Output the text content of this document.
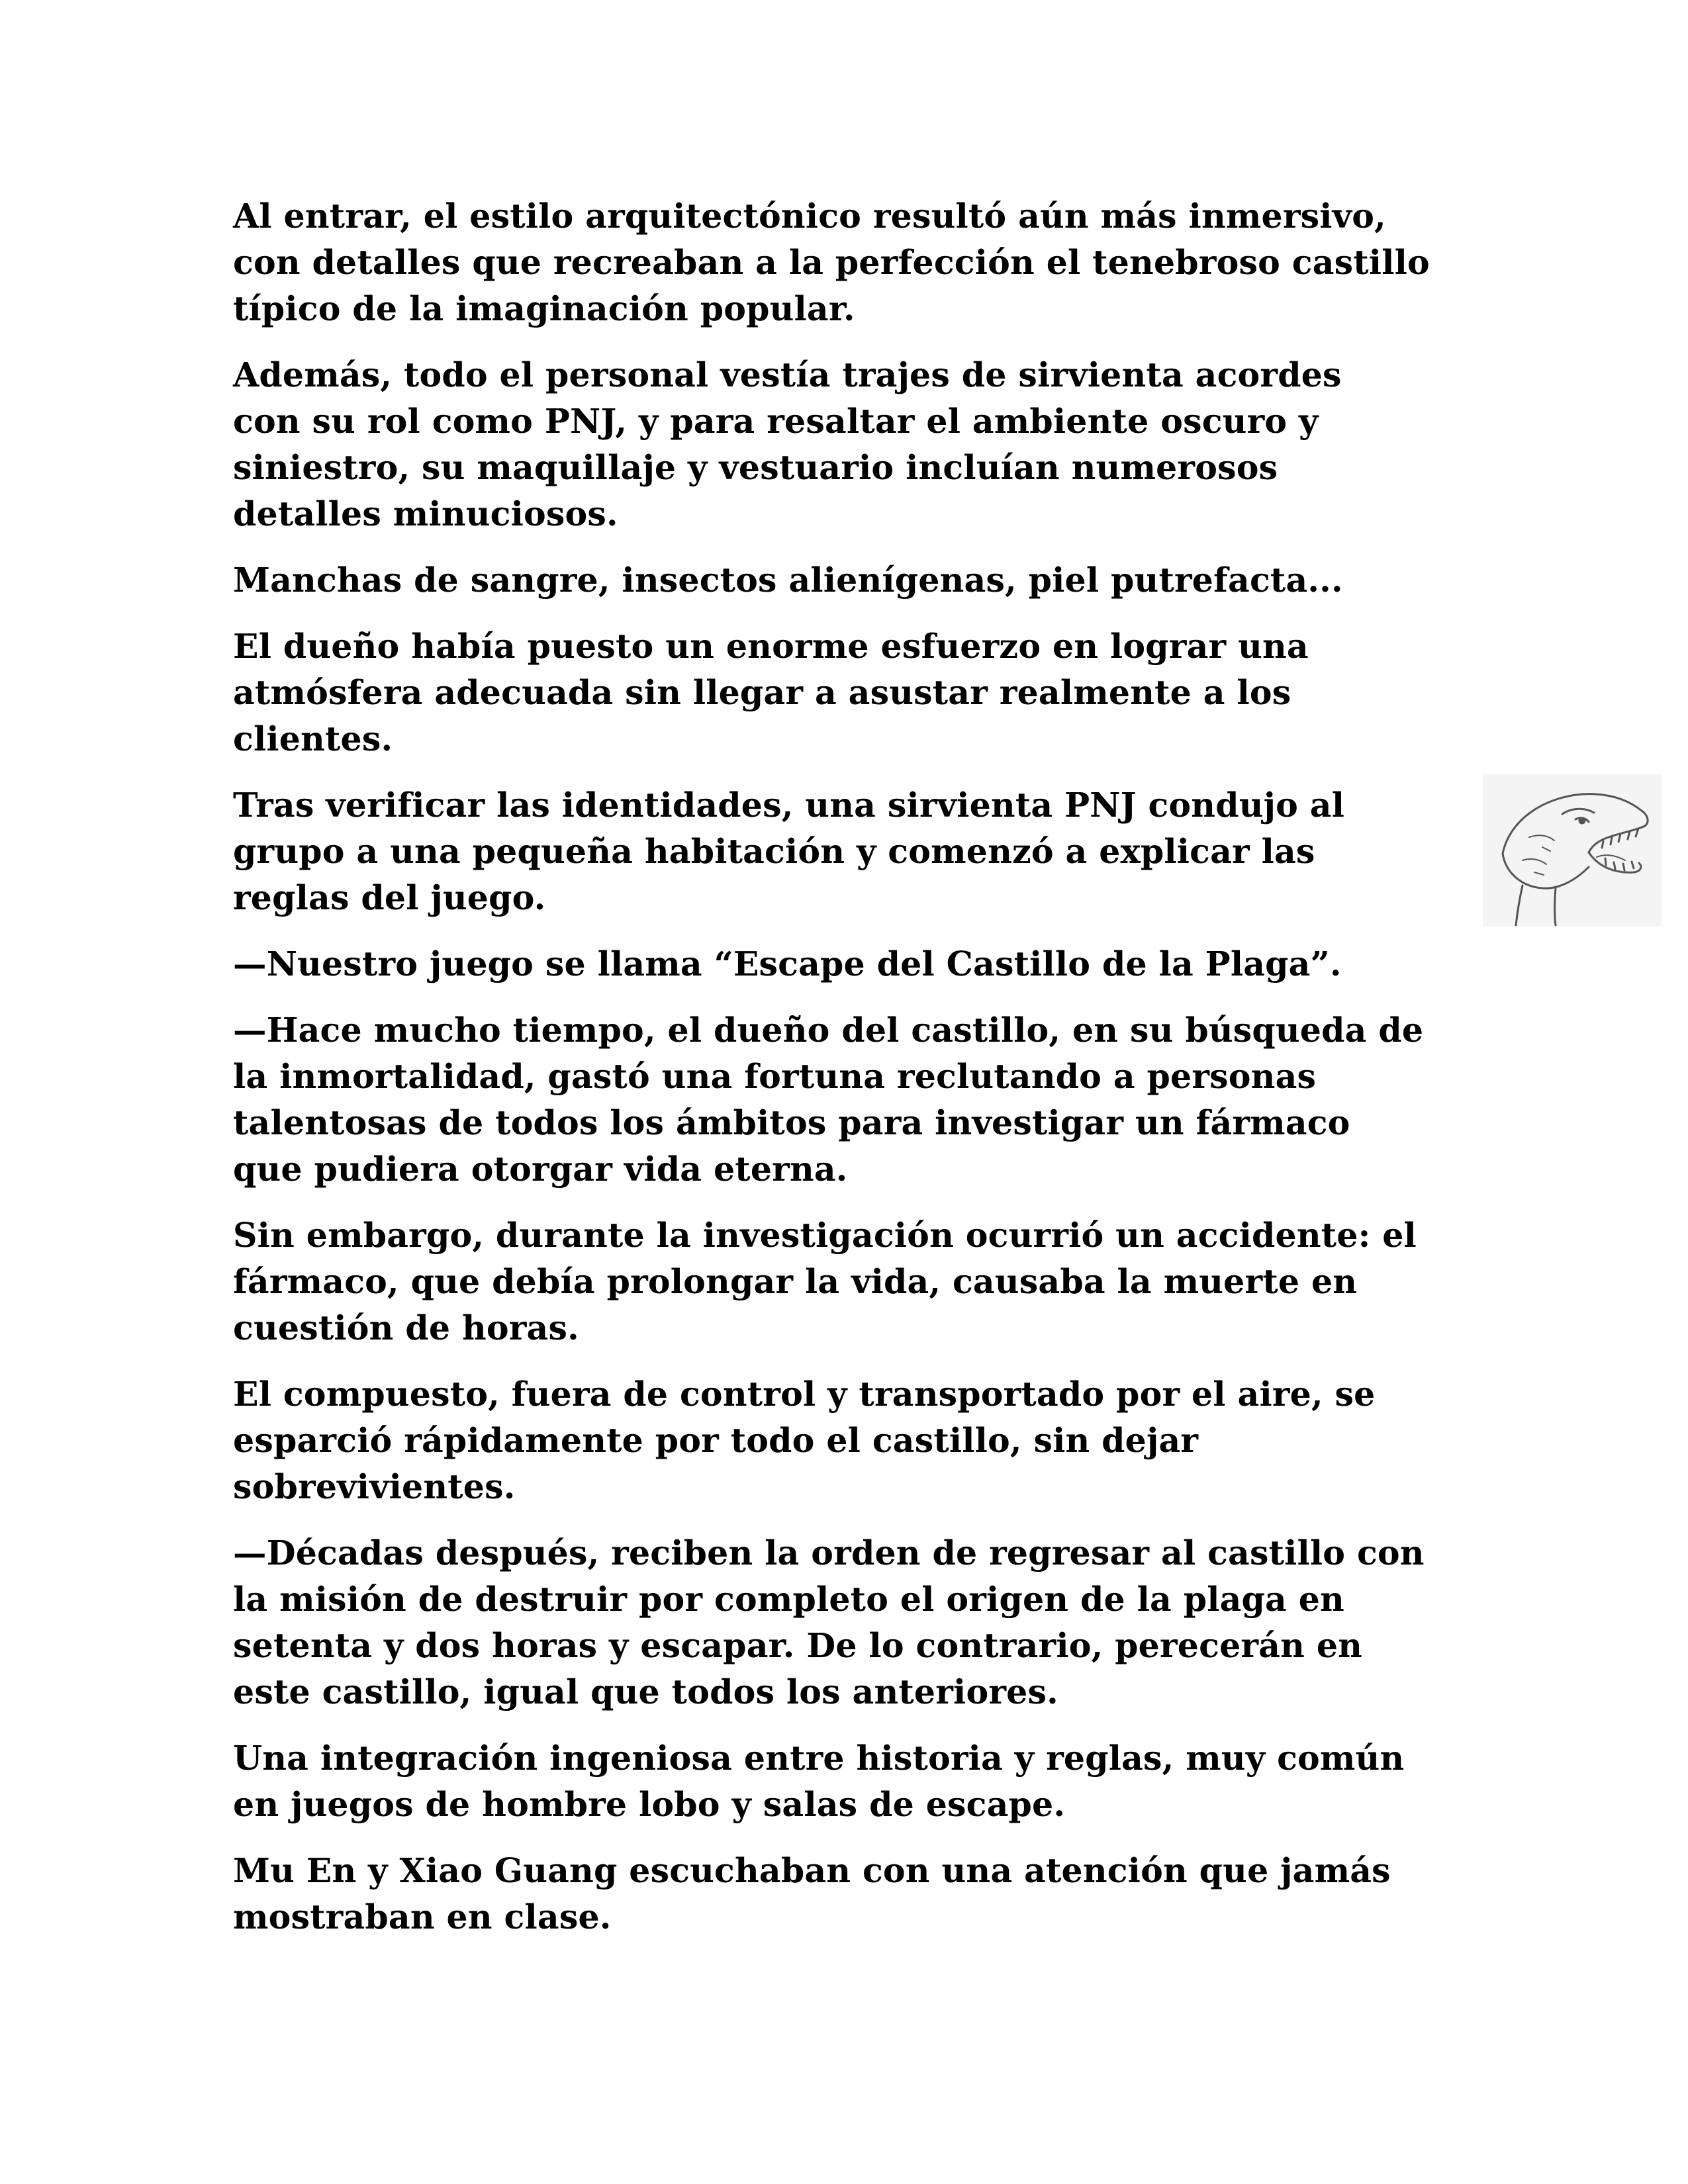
Al entrar, el estilo arquitectónico resultó aún más inmersivo,
con detalles que recreaban a la perfección el tenebroso castillo
típico de la imaginación popular.

Además, todo el personal vestía trajes de sirvienta acordes
con su rol como PNJ, y para resaltar el ambiente oscuro y
siniestro, su maquillaje y vestuario incluían numerosos
detalles minuciosos.

Manchas de sangre, insectos alienígenas, piel putrefacta...

El dueño había puesto un enorme esfuerzo en lograr una
atmósfera adecuada sin llegar a asustar realmente a los
clientes.

Tras verificar las identidades, una sirvienta PNJ condujo al
grupo a una pequeña habitación y comenzó a explicar las
reglas del juego.

—Nuestro juego se llama “Escape del Castillo de la Plaga”.

—Hace mucho tiempo, el dueño del castillo, en su búsqueda de
la inmortalidad, gastó una fortuna reclutando a personas
talentosas de todos los ámbitos para investigar un fármaco
que pudiera otorgar vida eterna.

Sin embargo, durante la investigación ocurrió un accidente: el
fármaco, que debía prolongar la vida, causaba la muerte en
cuestión de horas.

El compuesto, fuera de control y transportado por el aire, se
esparció rápidamente por todo el castillo, sin dejar
sobrevivientes.

—Décadas después, reciben la orden de regresar al castillo con
la misión de destruir por completo el origen de la plaga en
setenta y dos horas y escapar. De lo contrario, perecerán en
este castillo, igual que todos los anteriores.

Una integración ingeniosa entre historia y reglas, muy común
en juegos de hombre lobo y salas de escape.

Mu En y Xiao Guang escuchaban con una atención que jamás
mostraban en clase.
